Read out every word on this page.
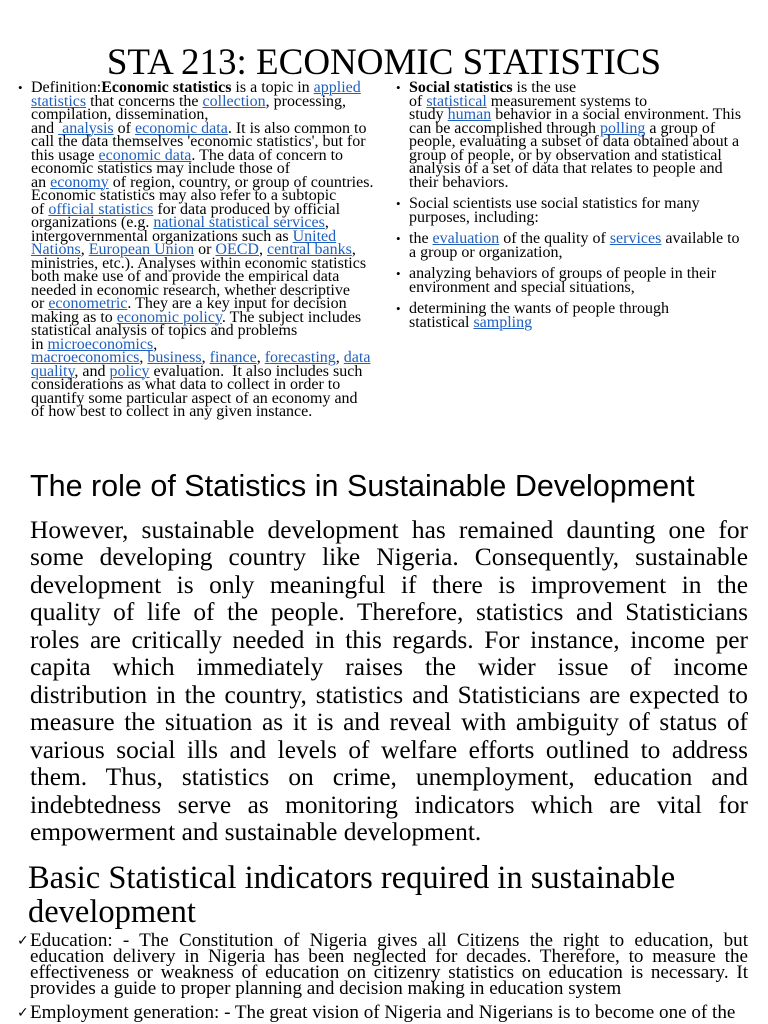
STA 213: ECONOMIC STATISTICS
• Definition:Economic statistics is a topic in applied
statistics that concerns the collection, processing,
compilation, dissemination,
and  analysis of economic data. It is also common to
call the data themselves 'economic statistics', but for
this usage economic data. The data of concern to
economic statistics may include those of
an economy of region, country, or group of countries.
Economic statistics may also refer to a subtopic
of official statistics for data produced by official
organizations (e.g. national statistical services,
intergovernmental organizations such as United
Nations, European Union or OECD, central banks,
ministries, etc.). Analyses within economic statistics
both make use of and provide the empirical data
needed in economic research, whether descriptive
or econometric. They are a key input for decision
making as to economic policy. The subject includes
statistical analysis of topics and problems
in microeconomics,
macroeconomics, business, finance, forecasting, data
quality, and policy evaluation.  It also includes such
considerations as what data to collect in order to
quantify some particular aspect of an economy and
of how best to collect in any given instance.
• Social statistics is the use
of statistical measurement systems to
study human behavior in a social environment. This
can be accomplished through polling a group of
people, evaluating a subset of data obtained about a
group of people, or by observation and statistical
analysis of a set of data that relates to people and
their behaviors.
• Social scientists use social statistics for many
purposes, including:
• the evaluation of the quality of services available to
a group or organization,
• analyzing behaviors of groups of people in their
environment and special situations,
• determining the wants of people through
statistical sampling
The role of Statistics in Sustainable Development
However, sustainable development has remained daunting one for
some developing country like Nigeria. Consequently, sustainable
development is only meaningful if there is improvement in the
quality of life of the people. Therefore, statistics and Statisticians
roles are critically needed in this regards. For instance, income per
capita which immediately raises the wider issue of income
distribution in the country, statistics and Statisticians are expected to
measure the situation as it is and reveal with ambiguity of status of
various social ills and levels of welfare efforts outlined to address
them. Thus, statistics on crime, unemployment, education and
indebtedness serve as monitoring indicators which are vital for
empowerment and sustainable development.
Basic Statistical indicators required in sustainable
development
✓ Education: - The Constitution of Nigeria gives all Citizens the right to education, but
education delivery in Nigeria has been neglected for decades. Therefore, to measure the
effectiveness or weakness of education on citizenry statistics on education is necessary. It
provides a guide to proper planning and decision making in education system
✓ Employment generation: - The great vision of Nigeria and Nigerians is to become one of the
